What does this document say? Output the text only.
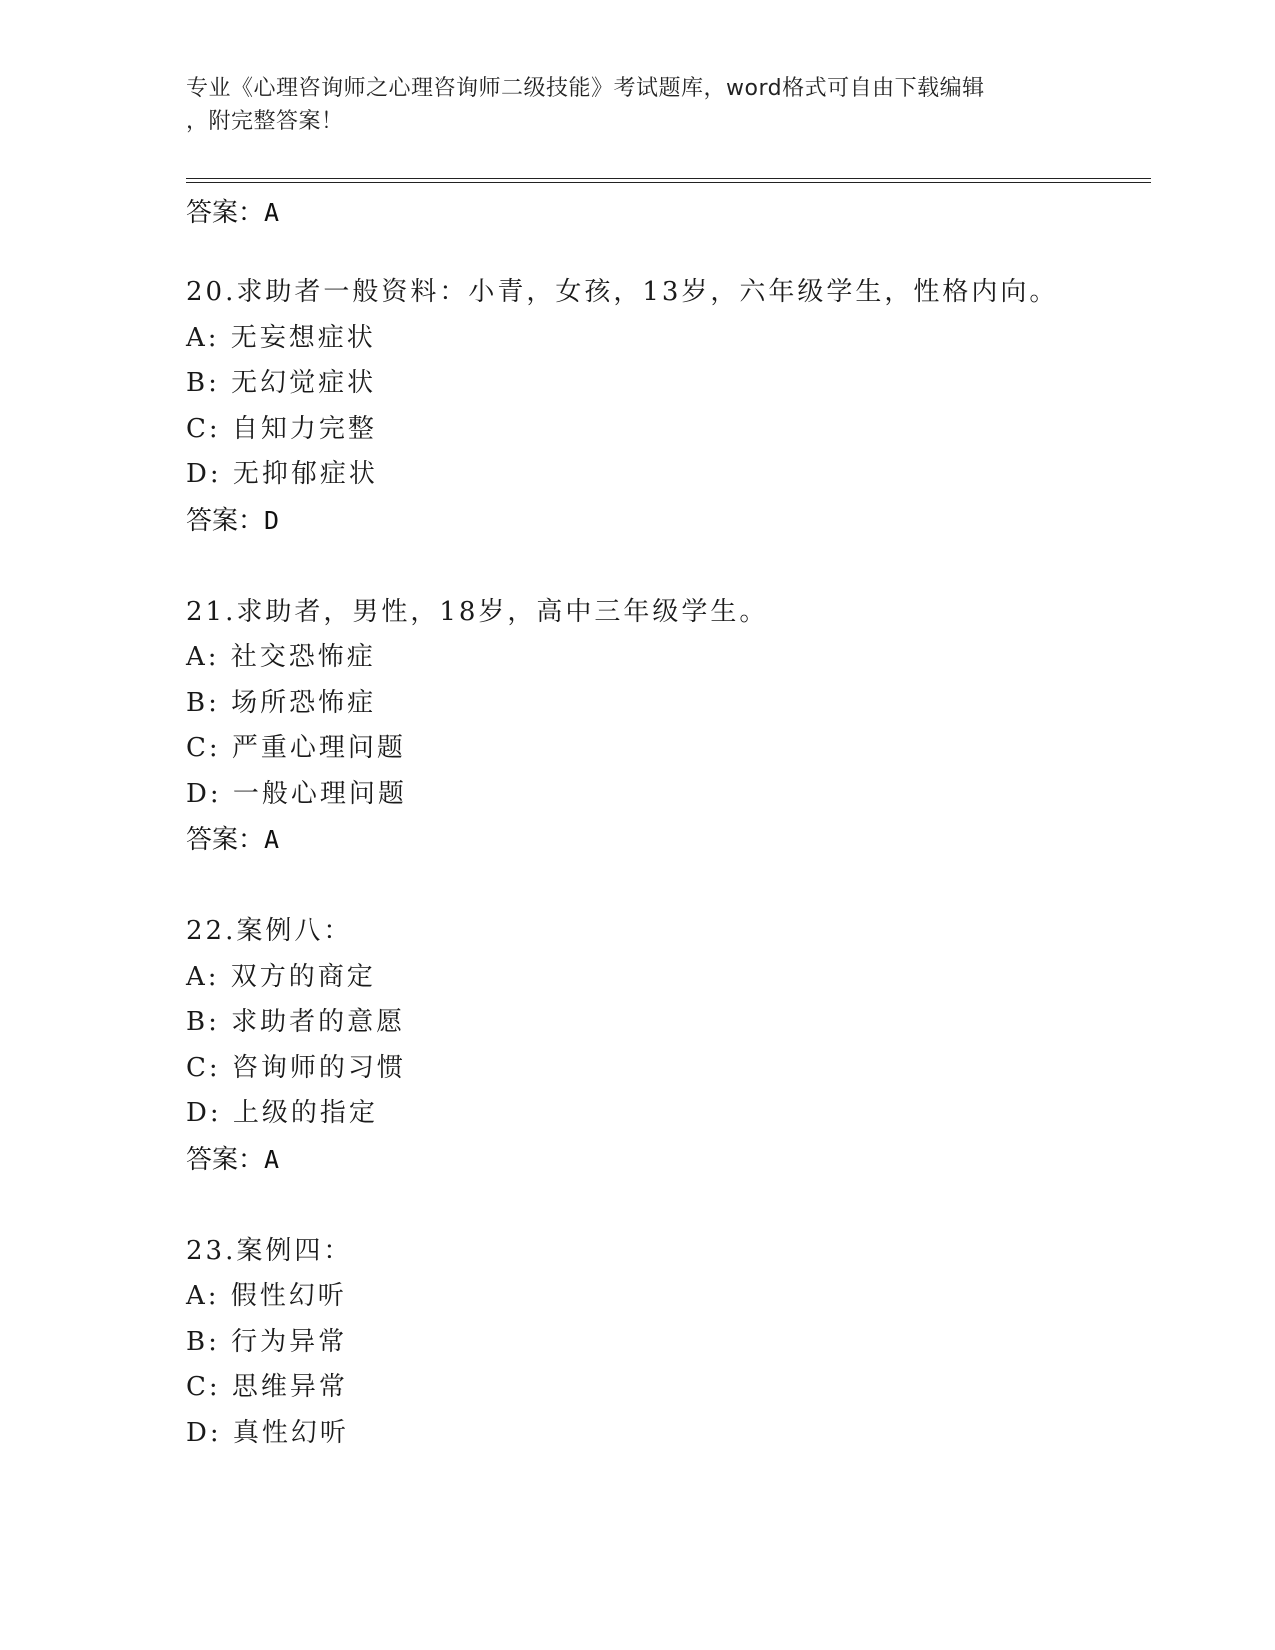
专业《心理咨询师之心理咨询师二级技能》考试题库，word格式可自由下载编辑
，附完整答案！
答案：A
20.求助者一般资料：小青，女孩，13岁，六年级学生，性格内向。
A: 无妄想症状
B: 无幻觉症状
C: 自知力完整
D: 无抑郁症状
答案：D
21.求助者，男性，18岁，高中三年级学生。
A: 社交恐怖症
B: 场所恐怖症
C: 严重心理问题
D: 一般心理问题
答案：A
22.案例八：
A: 双方的商定
B: 求助者的意愿
C: 咨询师的习惯
D: 上级的指定
答案：A
23.案例四：
A: 假性幻听
B: 行为异常
C: 思维异常
D: 真性幻听
